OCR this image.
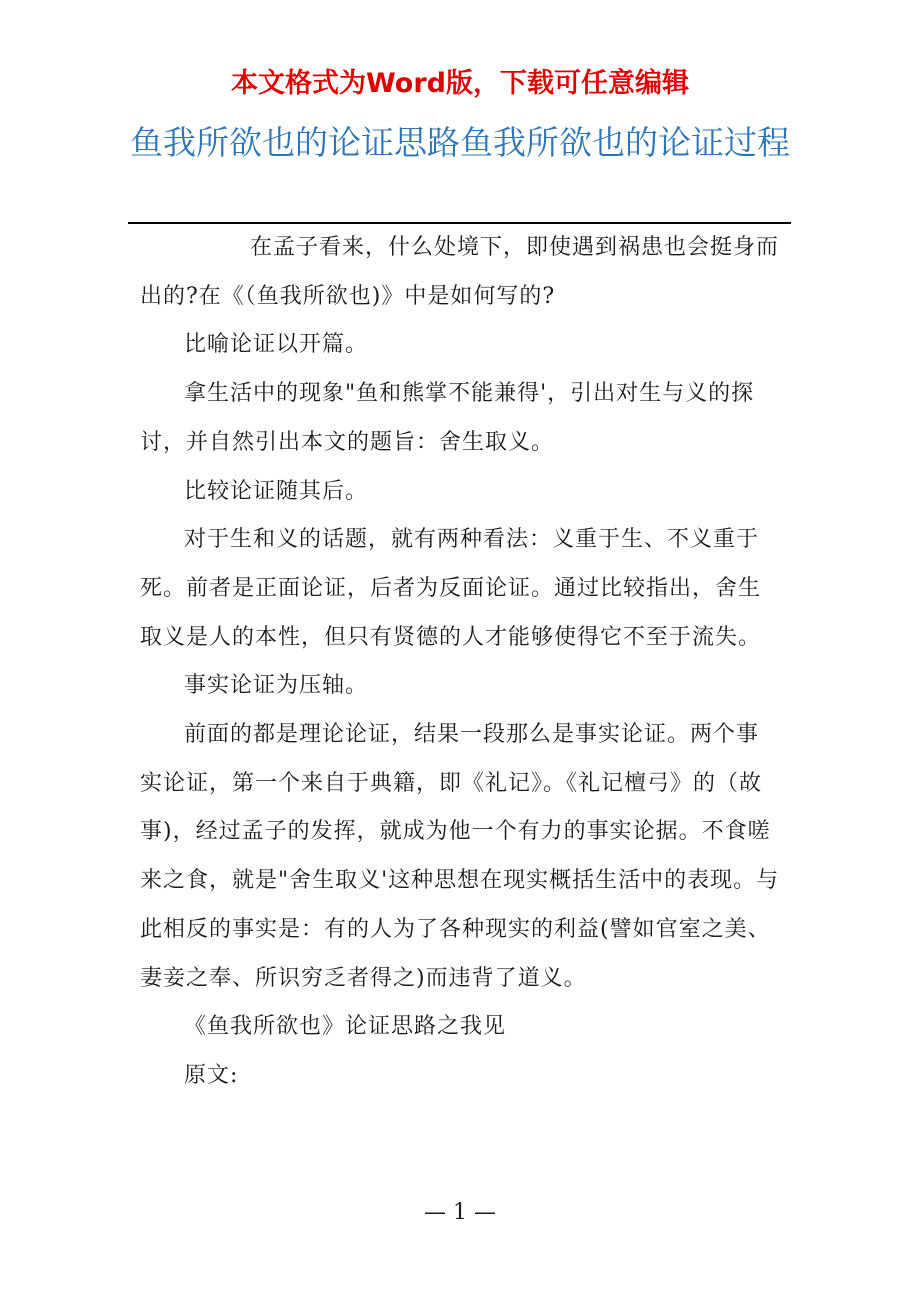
本文格式为Word版，下载可任意编辑
鱼我所欲也的论证思路鱼我所欲也的论证过程

在孟子看来，什么处境下，即使遇到祸患也会挺身而出的?在《（鱼我所欲也)》中是如何写的?

比喻论证以开篇。

拿生活中的现象"鱼和熊掌不能兼得'，引出对生与义的探讨，并自然引出本文的题旨：舍生取义。

比较论证随其后。

对于生和义的话题，就有两种看法：义重于生、不义重于死。前者是正面论证，后者为反面论证。通过比较指出，舍生取义是人的本性，但只有贤德的人才能够使得它不至于流失。

事实论证为压轴。

前面的都是理论论证，结果一段那么是事实论证。两个事实论证，第一个来自于典籍，即《礼记》。《礼记檀弓》的（故事)，经过孟子的发挥，就成为他一个有力的事实论据。不食嗟来之食，就是"舍生取义'这种思想在现实概括生活中的表现。与此相反的事实是：有的人为了各种现实的利益(譬如官室之美、妻妾之奉、所识穷乏者得之)而违背了道义。

《鱼我所欲也》论证思路之我见

原文:

— 1 —
